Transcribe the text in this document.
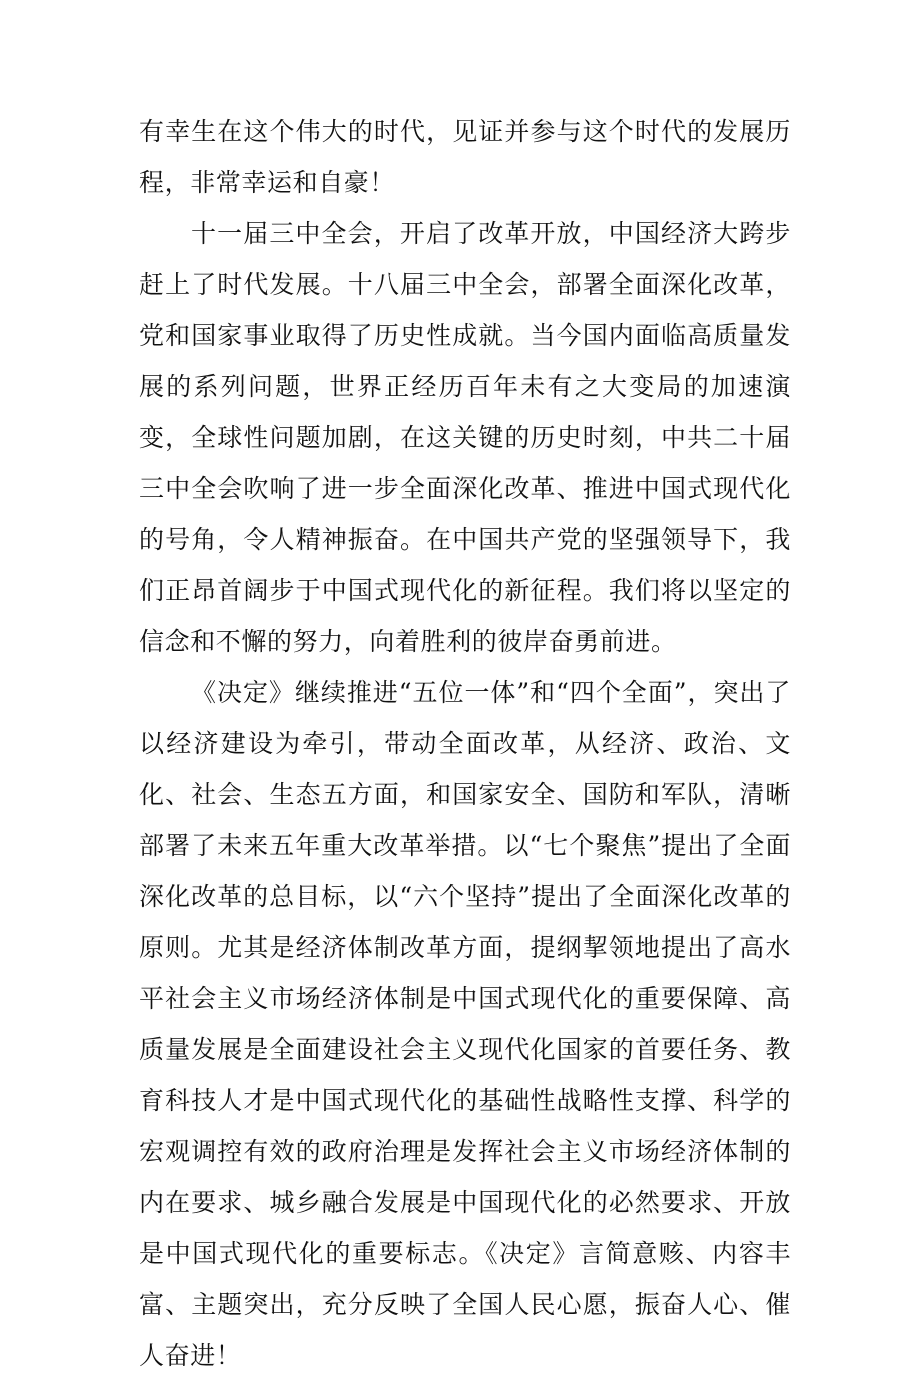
有幸生在这个伟大的时代，见证并参与这个时代的发展历程，非常幸运和自豪！

十一届三中全会，开启了改革开放，中国经济大跨步赶上了时代发展。十八届三中全会，部署全面深化改革，党和国家事业取得了历史性成就。当今国内面临高质量发展的系列问题，世界正经历百年未有之大变局的加速演变，全球性问题加剧，在这关键的历史时刻，中共二十届三中全会吹响了进一步全面深化改革、推进中国式现代化的号角，令人精神振奋。在中国共产党的坚强领导下，我们正昂首阔步于中国式现代化的新征程。我们将以坚定的信念和不懈的努力，向着胜利的彼岸奋勇前进。

《决定》继续推进“五位一体”和“四个全面”，突出了以经济建设为牵引，带动全面改革，从经济、政治、文化、社会、生态五方面，和国家安全、国防和军队，清晰部署了未来五年重大改革举措。以“七个聚焦”提出了全面深化改革的总目标，以“六个坚持”提出了全面深化改革的原则。尤其是经济体制改革方面，提纲挈领地提出了高水平社会主义市场经济体制是中国式现代化的重要保障、高质量发展是全面建设社会主义现代化国家的首要任务、教育科技人才是中国式现代化的基础性战略性支撑、科学的宏观调控有效的政府治理是发挥社会主义市场经济体制的内在要求、城乡融合发展是中国现代化的必然要求、开放是中国式现代化的重要标志。《决定》言简意赅、内容丰富、主题突出，充分反映了全国人民心愿，振奋人心、催人奋进！
